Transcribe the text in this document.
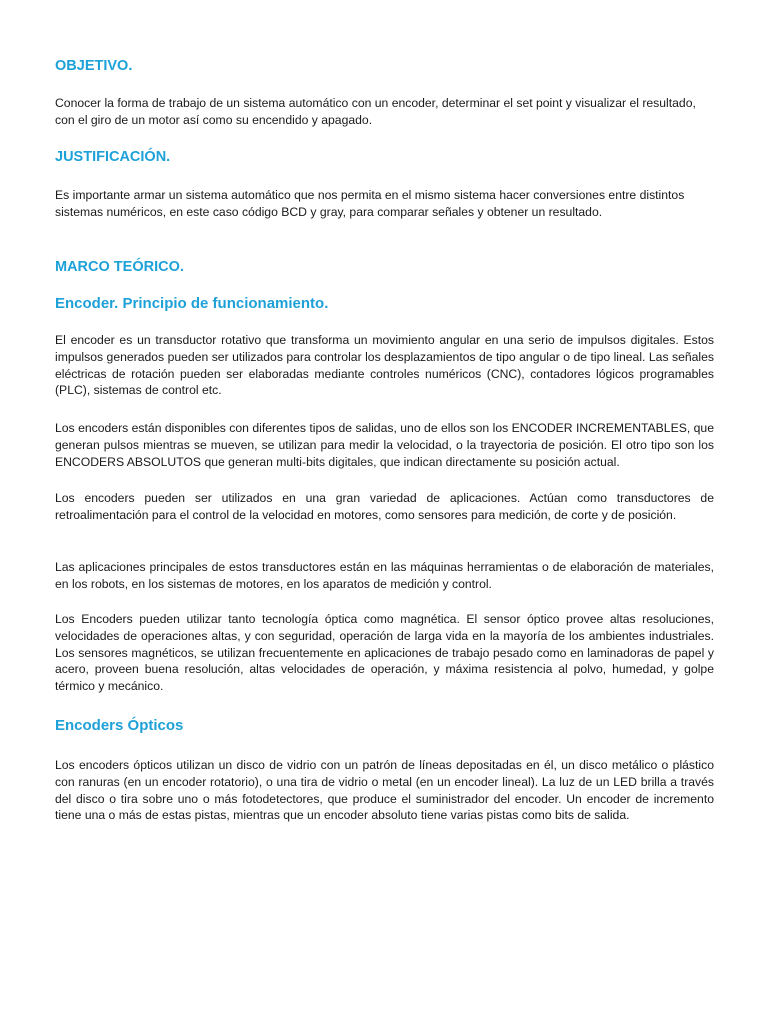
OBJETIVO.

Conocer la forma de trabajo de un sistema automático con un encoder, determinar el set point y visualizar el resultado, con el giro de un motor así como su encendido y apagado.

JUSTIFICACIÓN.

Es importante armar un sistema automático que nos permita en el mismo sistema hacer conversiones entre distintos sistemas numéricos, en este caso código BCD y gray, para comparar señales y obtener un resultado.

MARCO TEÓRICO.
Encoder. Principio de funcionamiento.

El encoder es un transductor rotativo que transforma un movimiento angular en una serio de impulsos digitales. Estos impulsos generados pueden ser utilizados para controlar los desplazamientos de tipo angular o de tipo lineal. Las señales eléctricas de rotación pueden ser elaboradas mediante controles numéricos (CNC), contadores lógicos programables (PLC), sistemas de control etc.

Los encoders están disponibles con diferentes tipos de salidas, uno de ellos son los ENCODER INCREMENTABLES, que generan pulsos mientras se mueven, se utilizan para medir la velocidad, o la trayectoria de posición. El otro tipo son los ENCODERS ABSOLUTOS que generan multi-bits digitales, que indican directamente su posición actual.

Los encoders pueden ser utilizados en una gran variedad de aplicaciones. Actúan como transductores de retroalimentación para el control de la velocidad en motores, como sensores para medición, de corte y de posición.

Las aplicaciones principales de estos transductores están en las máquinas herramientas o de elaboración de materiales, en los robots, en los sistemas de motores, en los aparatos de medición y control.

Los Encoders pueden utilizar tanto tecnología óptica como magnética. El sensor óptico provee altas resoluciones, velocidades de operaciones altas, y con seguridad, operación de larga vida en la mayoría de los ambientes industriales. Los sensores magnéticos, se utilizan frecuentemente en aplicaciones de trabajo pesado como en laminadoras de papel y acero, proveen buena resolución, altas velocidades de operación, y máxima resistencia al polvo, humedad, y golpe térmico y mecánico.

Encoders Ópticos

Los encoders ópticos utilizan un disco de vidrio con un patrón de líneas depositadas en él, un disco metálico o plástico con ranuras (en un encoder rotatorio), o una tira de vidrio o metal (en un encoder lineal). La luz de un LED brilla a través del disco o tira sobre uno o más fotodetectores, que produce el suministrador del encoder. Un encoder de incremento tiene una o más de estas pistas, mientras que un encoder absoluto tiene varias pistas como bits de salida.
